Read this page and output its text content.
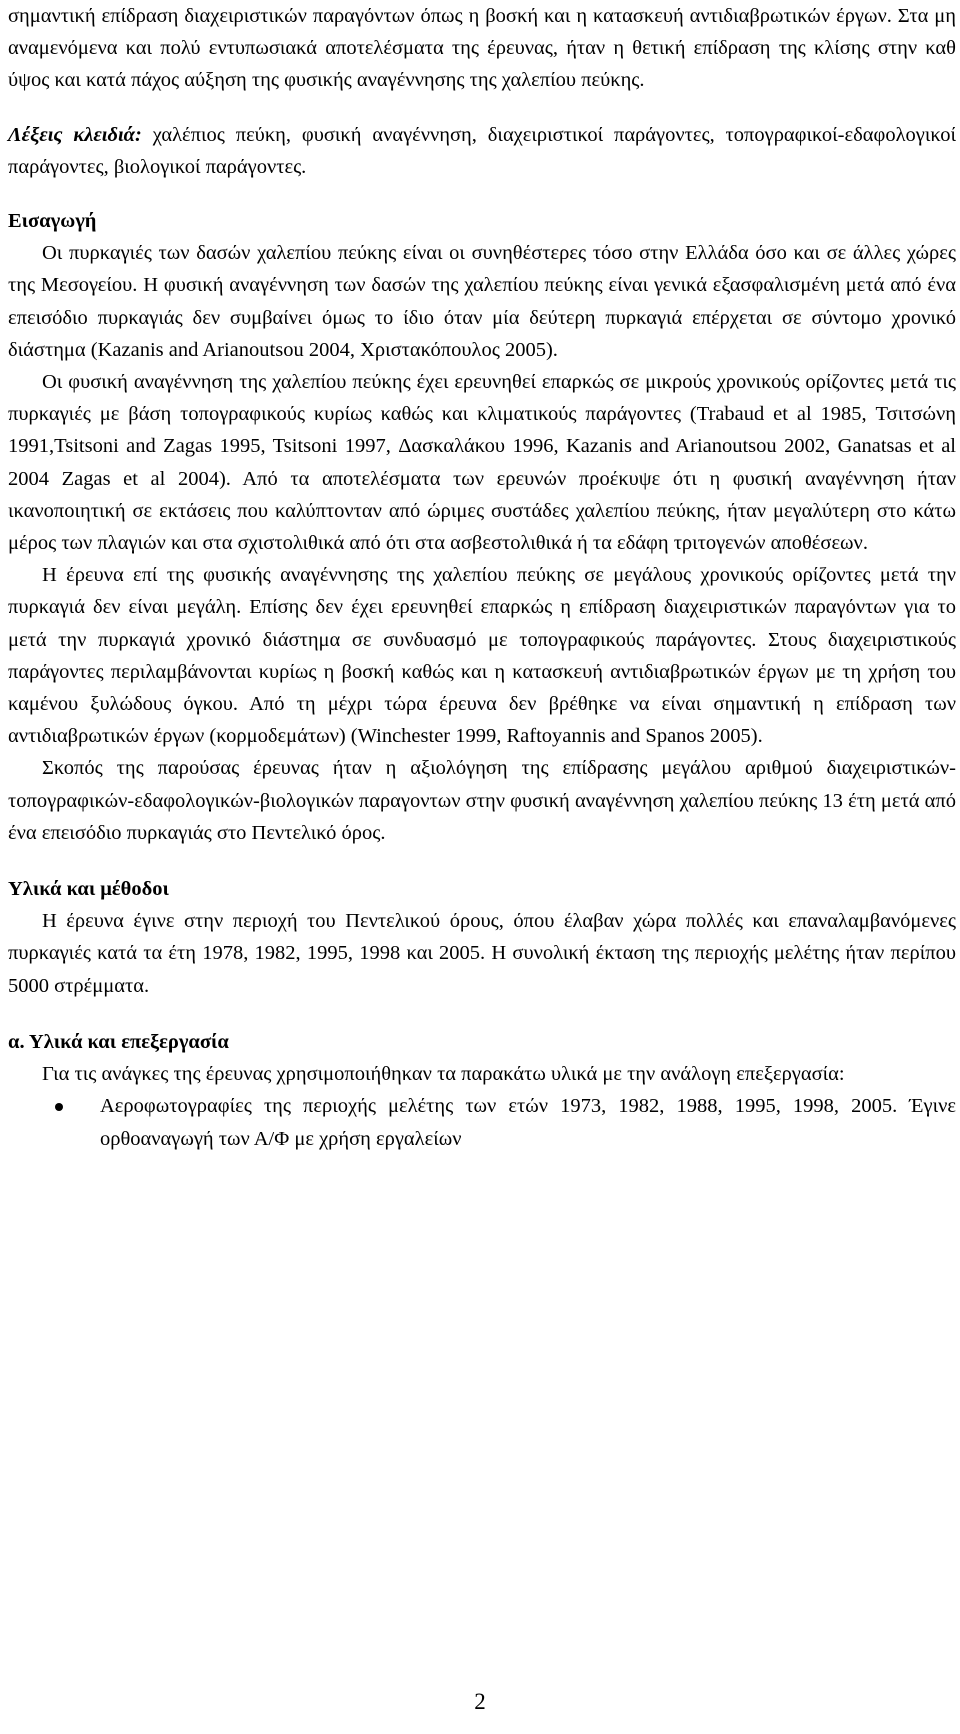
σημαντική επίδραση διαχειριστικών παραγόντων όπως η βοσκή και η κατασκευή αντιδιαβρωτικών έργων. Στα μη αναμενόμενα και πολύ εντυπωσιακά αποτελέσματα της έρευνας, ήταν η θετική επίδραση της κλίσης στην καθ ύψος και κατά πάχος αύξηση της φυσικής αναγέννησης της χαλεπίου πεύκης.

Λέξεις κλειδιά: χαλέπιος πεύκη, φυσική αναγέννηση, διαχειριστικοί παράγοντες, τοπογραφικοί-εδαφολογικοί παράγοντες, βιολογικοί παράγοντες.

Εισαγωγή

Οι πυρκαγιές των δασών χαλεπίου πεύκης είναι οι συνηθέστερες τόσο στην Ελλάδα όσο και σε άλλες χώρες της Μεσογείου. Η φυσική αναγέννηση των δασών της χαλεπίου πεύκης είναι γενικά εξασφαλισμένη μετά από ένα επεισόδιο πυρκαγιάς δεν συμβαίνει όμως το ίδιο όταν μία δεύτερη πυρκαγιά επέρχεται σε σύντομο χρονικό διάστημα (Kazanis and Arianoutsou 2004, Χριστακόπουλος 2005).

Οι φυσική αναγέννηση της χαλεπίου πεύκης έχει ερευνηθεί επαρκώς σε μικρούς χρονικούς ορίζοντες μετά τις πυρκαγιές με βάση τοπογραφικούς κυρίως καθώς και κλιματικούς παράγοντες (Trabaud et al 1985, Τσιτσώνη 1991,Tsitsoni and Zagas 1995, Tsitsoni 1997, Δασκαλάκου 1996, Kazanis and Arianoutsou 2002, Ganatsas et al 2004 Zagas et al 2004). Από τα αποτελέσματα των ερευνών προέκυψε ότι η φυσική αναγέννηση ήταν ικανοποιητική σε εκτάσεις που καλύπτονταν από ώριμες συστάδες χαλεπίου πεύκης, ήταν μεγαλύτερη στο κάτω μέρος των πλαγιών και στα σχιστολιθικά από ότι στα ασβεστολιθικά ή τα εδάφη τριτογενών αποθέσεων.

Η έρευνα επί της φυσικής αναγέννησης της χαλεπίου πεύκης σε μεγάλους χρονικούς ορίζοντες μετά την πυρκαγιά δεν είναι μεγάλη. Επίσης δεν έχει ερευνηθεί επαρκώς η επίδραση διαχειριστικών παραγόντων για το μετά την πυρκαγιά χρονικό διάστημα σε συνδυασμό με τοπογραφικούς παράγοντες. Στους διαχειριστικούς παράγοντες περιλαμβάνονται κυρίως η βοσκή καθώς και η κατασκευή αντιδιαβρωτικών έργων με τη χρήση του καμένου ξυλώδους όγκου. Από τη μέχρι τώρα έρευνα δεν βρέθηκε να είναι σημαντική η επίδραση των αντιδιαβρωτικών έργων (κορμοδεμάτων) (Winchester 1999, Raftoyannis and Spanos 2005).

Σκοπός της παρούσας έρευνας ήταν η αξιολόγηση της επίδρασης μεγάλου αριθμού διαχειριστικών-τοπογραφικών-εδαφολογικών-βιολογικών παραγοντων στην φυσική αναγέννηση χαλεπίου πεύκης 13 έτη μετά από ένα επεισόδιο πυρκαγιάς στο Πεντελικό όρος.

Υλικά και μέθοδοι

Η έρευνα έγινε στην περιοχή του Πεντελικού όρους, όπου έλαβαν χώρα πολλές και επαναλαμβανόμενες πυρκαγιές κατά τα έτη 1978, 1982, 1995, 1998 και 2005. Η συνολική έκταση της περιοχής μελέτης ήταν περίπου 5000 στρέμματα.

α. Υλικά και επεξεργασία

Για τις ανάγκες της έρευνας χρησιμοποιήθηκαν τα παρακάτω υλικά με την ανάλογη επεξεργασία:

Αεροφωτογραφίες της περιοχής μελέτης των ετών 1973, 1982, 1988, 1995, 1998, 2005. Έγινε ορθοαναγωγή των Α/Φ με χρήση εργαλείων

2
